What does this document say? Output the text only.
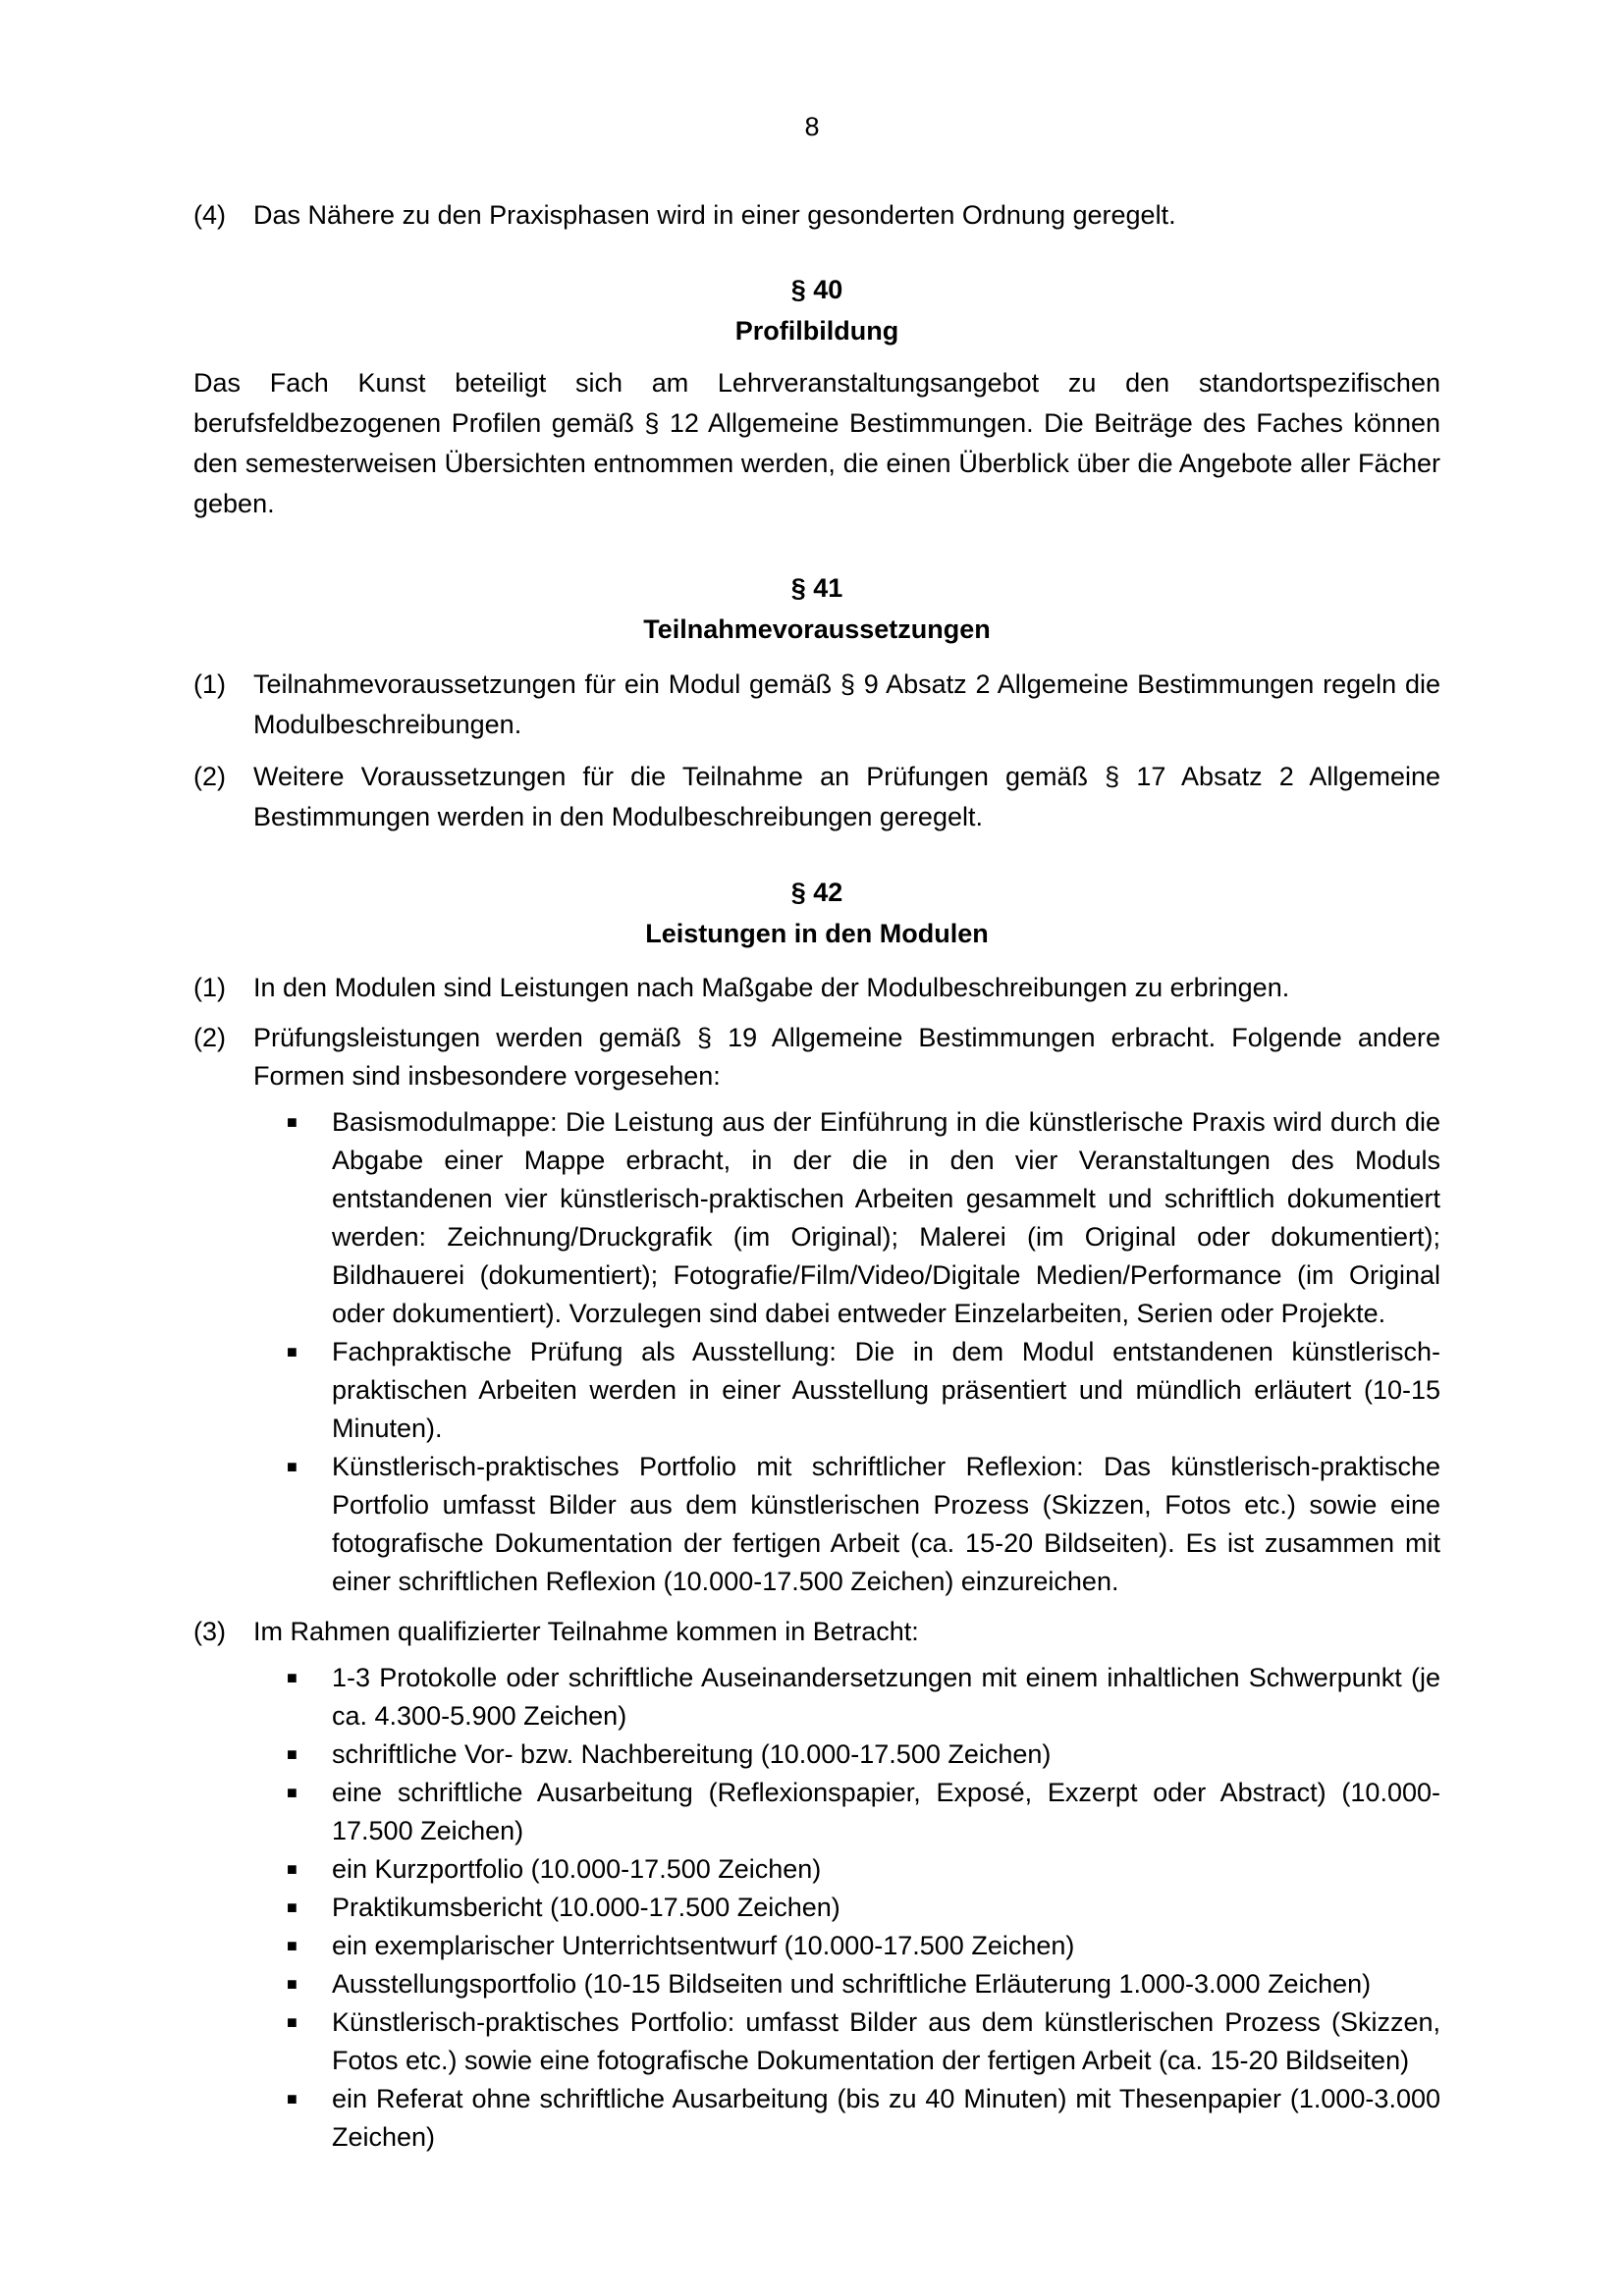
8
(4)	Das Nähere zu den Praxisphasen wird in einer gesonderten Ordnung geregelt.
§ 40
Profilbildung
Das Fach Kunst beteiligt sich am Lehrveranstaltungsangebot zu den standortspezifischen berufsfeldbezogenen Profilen gemäß § 12 Allgemeine Bestimmungen. Die Beiträge des Faches können den semesterweisen Übersichten entnommen werden, die einen Überblick über die Angebote aller Fächer geben.
§ 41
Teilnahmevoraussetzungen
(1)	Teilnahmevoraussetzungen für ein Modul gemäß § 9 Absatz 2 Allgemeine Bestimmungen regeln die Modulbeschreibungen.
(2)	Weitere Voraussetzungen für die Teilnahme an Prüfungen gemäß § 17 Absatz 2 Allgemeine Bestimmungen werden in den Modulbeschreibungen geregelt.
§ 42
Leistungen in den Modulen
(1)	In den Modulen sind Leistungen nach Maßgabe der Modulbeschreibungen zu erbringen.
(2)	Prüfungsleistungen werden gemäß § 19 Allgemeine Bestimmungen erbracht. Folgende andere Formen sind insbesondere vorgesehen:
■	Basismodulmappe: Die Leistung aus der Einführung in die künstlerische Praxis wird durch die Abgabe einer Mappe erbracht, in der die in den vier Veranstaltungen des Moduls entstandenen vier künstlerisch-praktischen Arbeiten gesammelt und schriftlich dokumentiert werden: Zeichnung/Druckgrafik (im Original); Malerei (im Original oder dokumentiert); Bildhauerei (dokumentiert); Fotografie/Film/Video/Digitale Medien/Performance (im Original oder dokumentiert). Vorzulegen sind dabei entweder Einzelarbeiten, Serien oder Projekte.
■	Fachpraktische Prüfung als Ausstellung: Die in dem Modul entstandenen künstlerisch-praktischen Arbeiten werden in einer Ausstellung präsentiert und mündlich erläutert (10-15 Minuten).
■	Künstlerisch-praktisches Portfolio mit schriftlicher Reflexion: Das künstlerisch-praktische Portfolio umfasst Bilder aus dem künstlerischen Prozess (Skizzen, Fotos etc.) sowie eine fotografische Dokumentation der fertigen Arbeit (ca. 15-20 Bildseiten). Es ist zusammen mit einer schriftlichen Reflexion (10.000-17.500 Zeichen) einzureichen.
(3)	Im Rahmen qualifizierter Teilnahme kommen in Betracht:
■	1-3 Protokolle oder schriftliche Auseinandersetzungen mit einem inhaltlichen Schwerpunkt (je ca. 4.300-5.900 Zeichen)
■	schriftliche Vor- bzw. Nachbereitung (10.000-17.500 Zeichen)
■	eine schriftliche Ausarbeitung (Reflexionspapier, Exposé, Exzerpt oder Abstract) (10.000-17.500 Zeichen)
■	ein Kurzportfolio (10.000-17.500 Zeichen)
■	Praktikumsbericht (10.000-17.500 Zeichen)
■	ein exemplarischer Unterrichtsentwurf (10.000-17.500 Zeichen)
■	Ausstellungsportfolio (10-15 Bildseiten und schriftliche Erläuterung 1.000-3.000 Zeichen)
■	Künstlerisch-praktisches Portfolio: umfasst Bilder aus dem künstlerischen Prozess (Skizzen, Fotos etc.) sowie eine fotografische Dokumentation der fertigen Arbeit (ca. 15-20 Bildseiten)
■	ein Referat ohne schriftliche Ausarbeitung (bis zu 40 Minuten) mit Thesenpapier (1.000-3.000 Zeichen)
